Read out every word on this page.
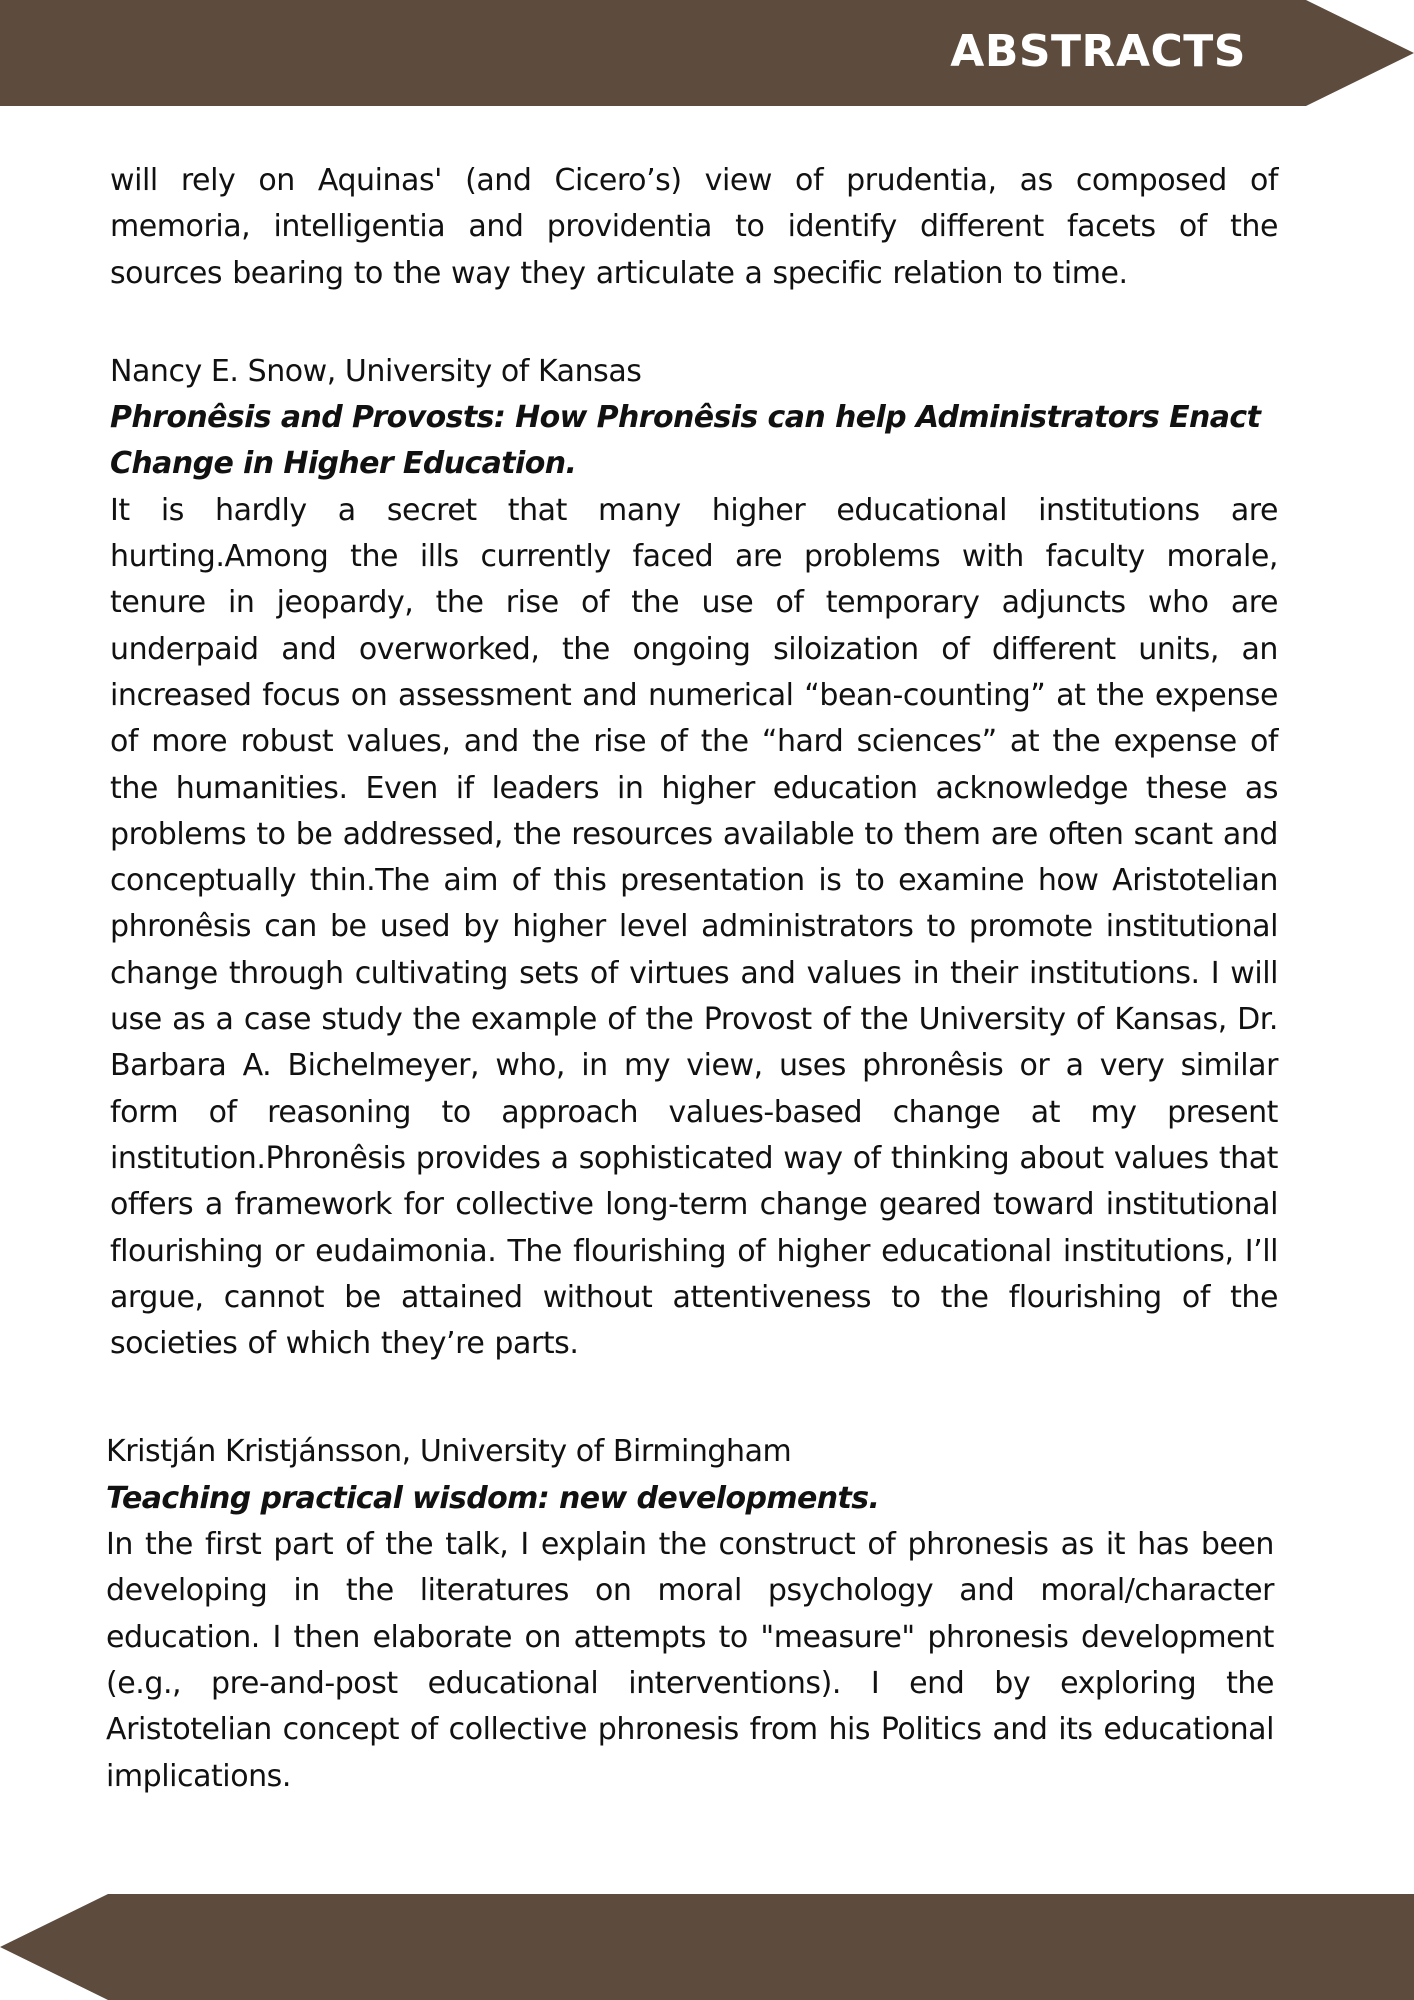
ABSTRACTS

will rely on Aquinas' (and Cicero’s) view of prudentia, as composed of memoria, intelligentia and providentia to identify different facets of the sources bearing to the way they articulate a specific relation to time.

Nancy E. Snow, University of Kansas

Phronêsis and Provosts: How Phronêsis can help Administrators Enact Change in Higher Education.

It is hardly a secret that many higher educational institutions are hurting.Among the ills currently faced are problems with faculty morale, tenure in jeopardy, the rise of the use of temporary adjuncts who are underpaid and overworked, the ongoing siloization of different units, an increased focus on assessment and numerical “bean-counting” at the expense of more robust values, and the rise of the “hard sciences” at the expense of the humanities. Even if leaders in higher education acknowledge these as problems to be addressed, the resources available to them are often scant and conceptually thin.The aim of this presentation is to examine how Aristotelian phronêsis can be used by higher level administrators to promote institutional change through cultivating sets of virtues and values in their institutions. I will use as a case study the example of the Provost of the University of Kansas, Dr. Barbara A. Bichelmeyer, who, in my view, uses phronêsis or a very similar form of reasoning to approach values-based change at my present institution.Phronêsis provides a sophisticated way of thinking about values that offers a framework for collective long-term change geared toward institutional flourishing or eudaimonia. The flourishing of higher educational institutions, I’ll argue, cannot be attained without attentiveness to the flourishing of the societies of which they’re parts.

Kristján Kristjánsson, University of Birmingham

Teaching practical wisdom: new developments.

In the first part of the talk, I explain the construct of phronesis as it has been developing in the literatures on moral psychology and moral/character education. I then elaborate on attempts to "measure" phronesis development (e.g., pre-and-post educational interventions). I end by exploring the Aristotelian concept of collective phronesis from his Politics and its educational implications.
